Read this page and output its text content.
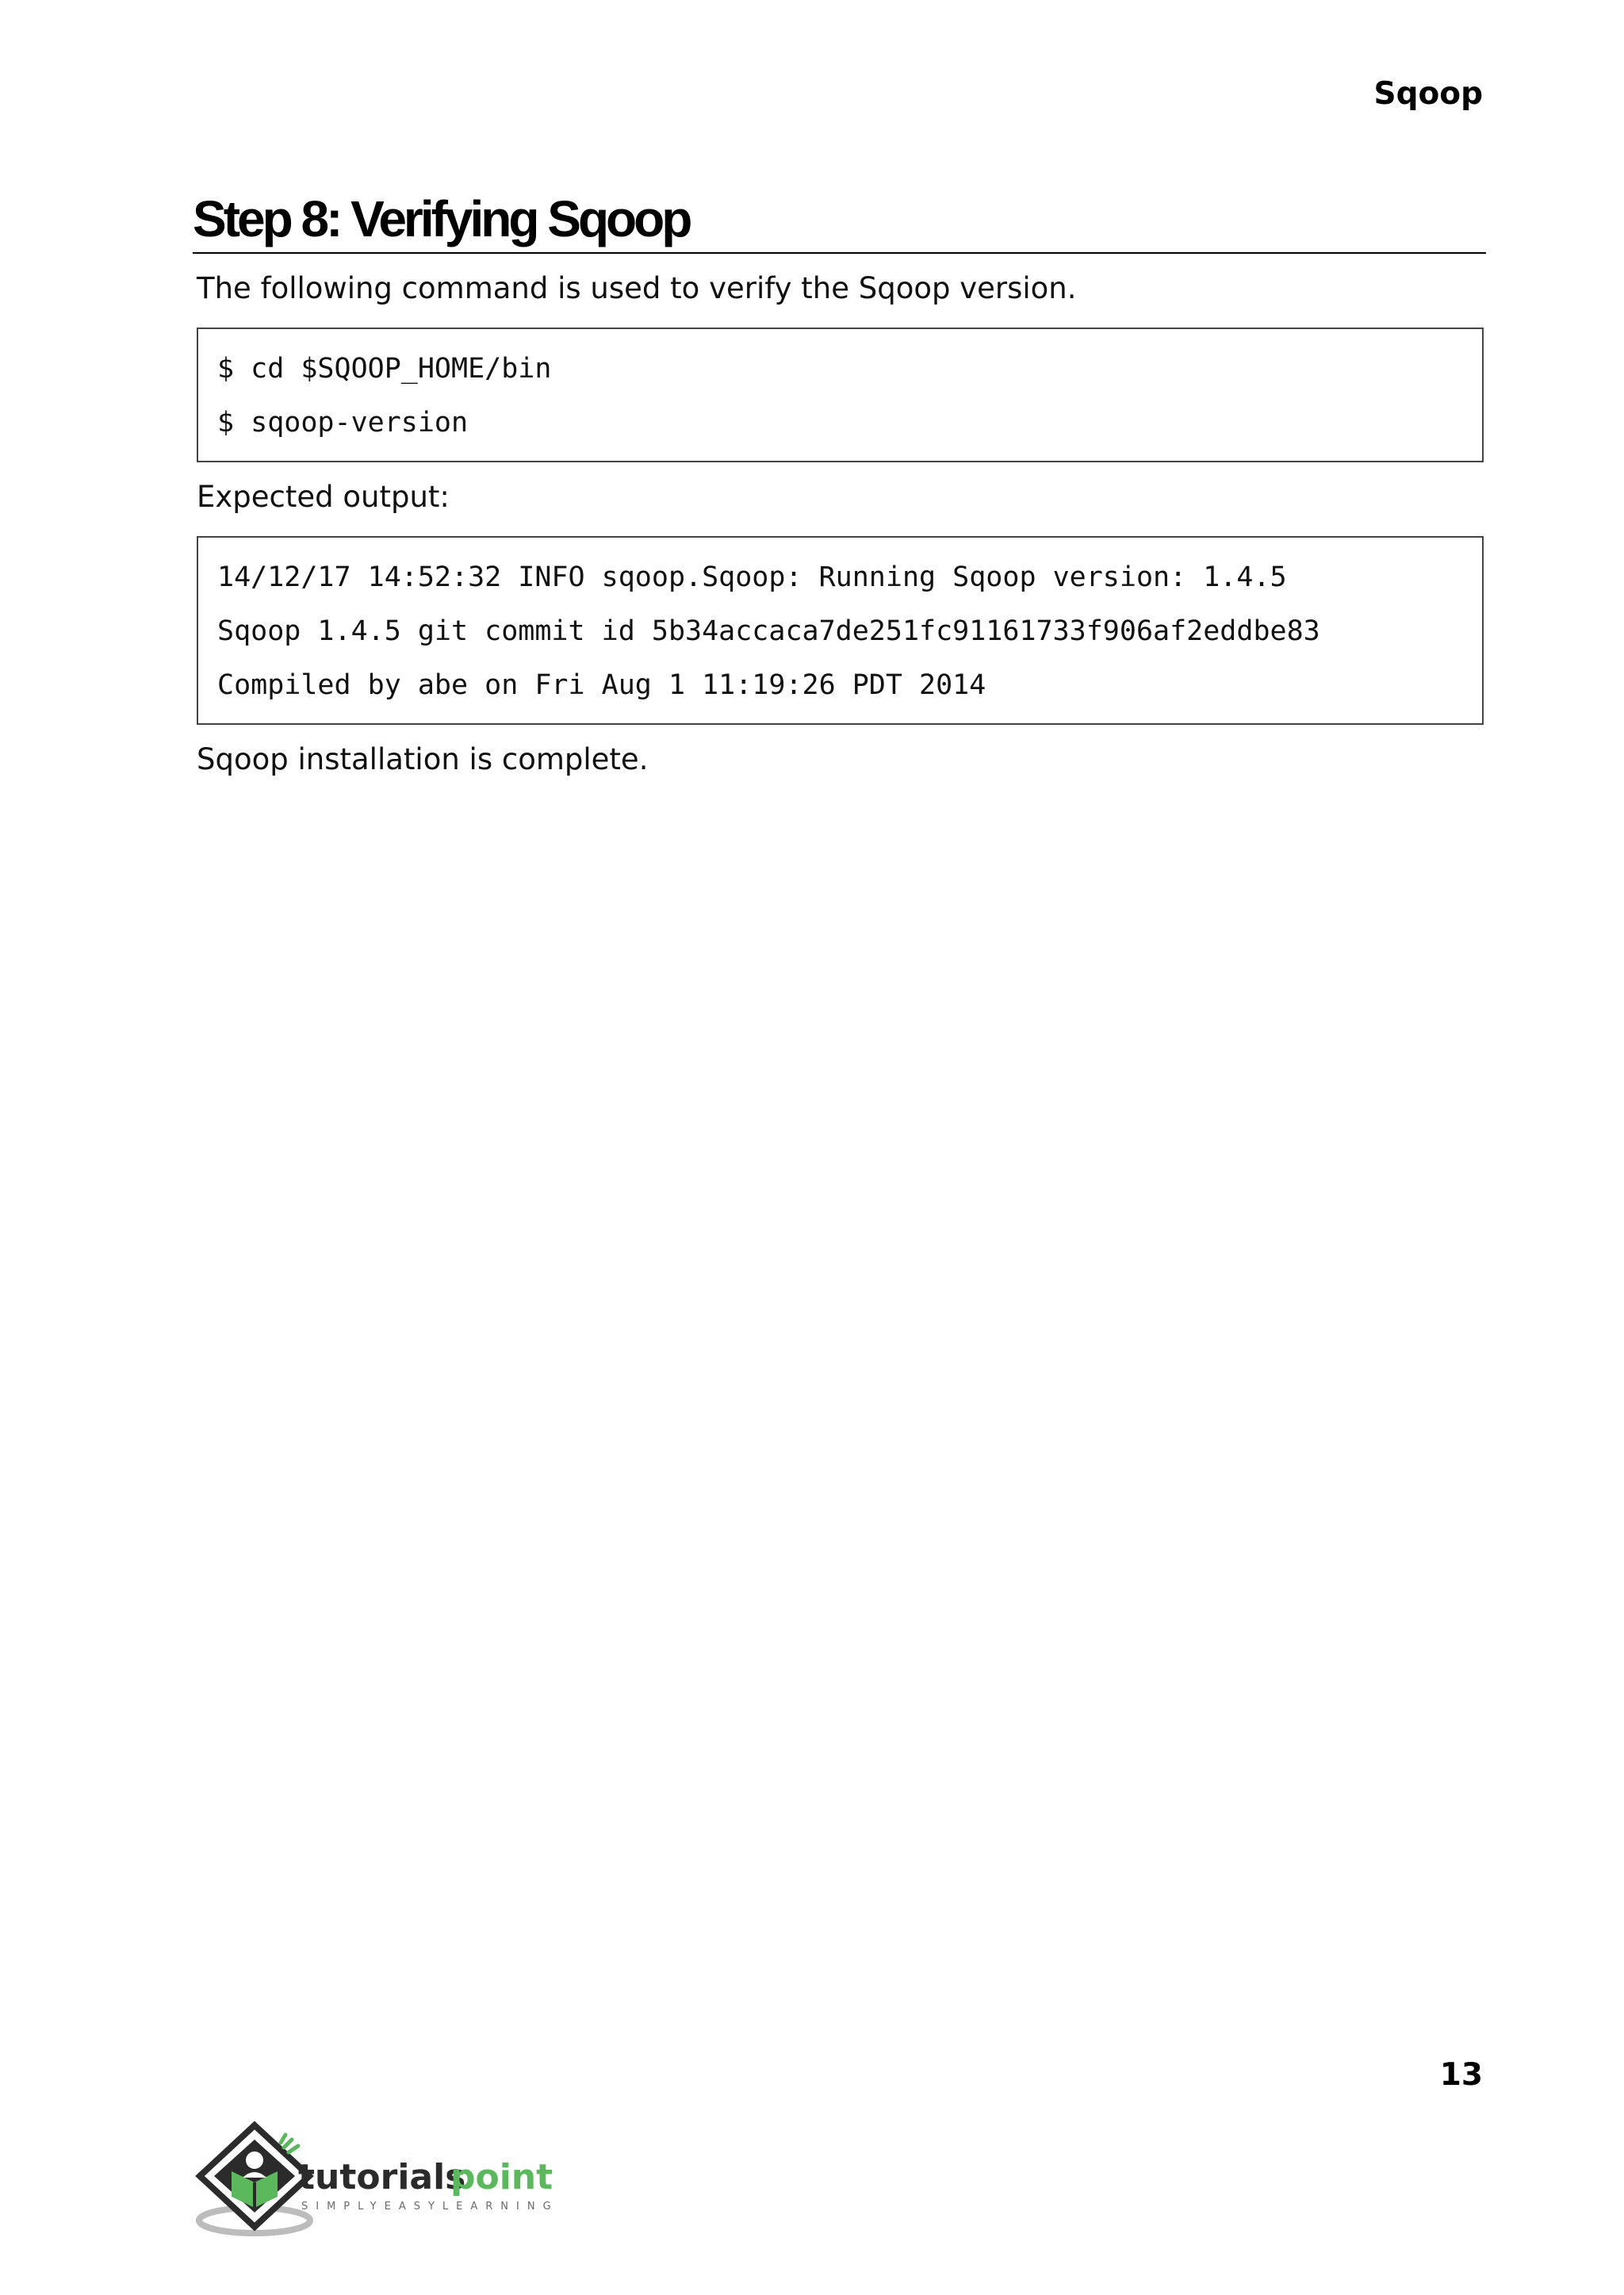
Sqoop
Step 8: Verifying Sqoop

The following command is used to verify the Sqoop version.

$ cd $SQOOP_HOME/bin
$ sqoop-version

Expected output:

14/12/17 14:52:32 INFO sqoop.Sqoop: Running Sqoop version: 1.4.5
Sqoop 1.4.5 git commit id 5b34accaca7de251fc91161733f906af2eddbe83
Compiled by abe on Fri Aug 1 11:19:26 PDT 2014

Sqoop installation is complete.

13
tutorials
point
SIMPLYEASYLEARNING
